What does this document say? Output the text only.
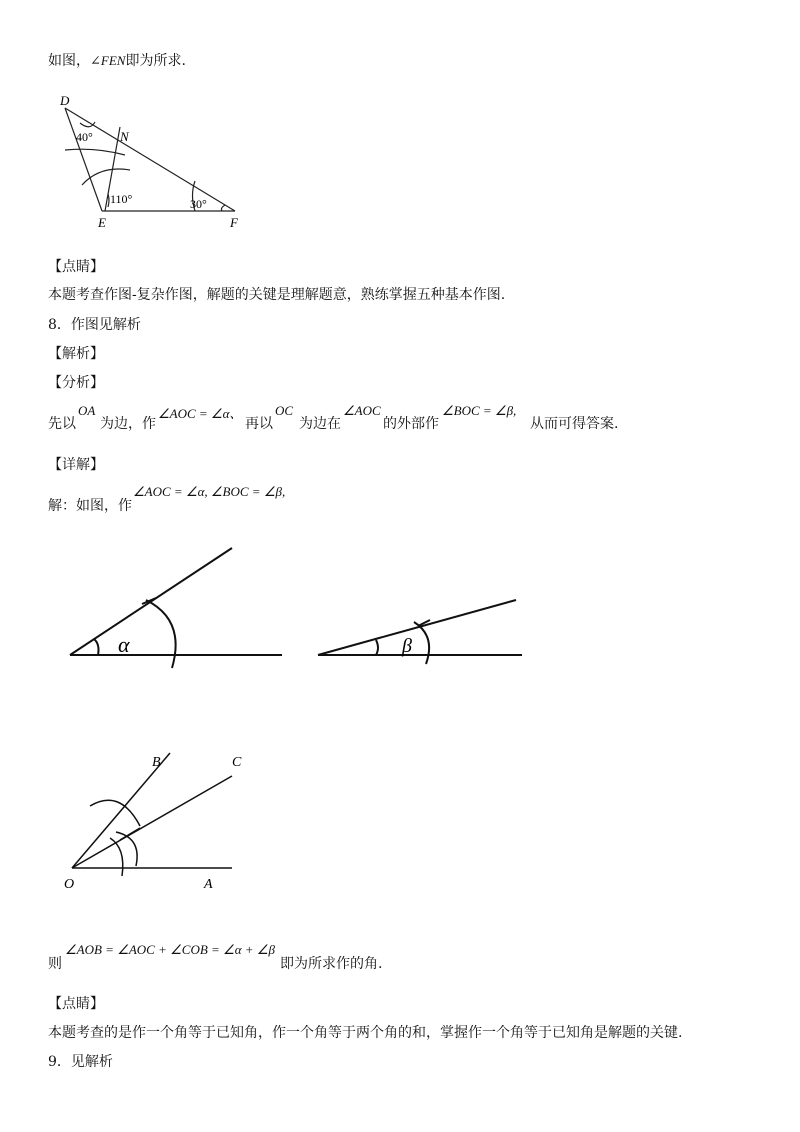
如图，∠FEN即为所求.
D
N
E	F
40°
110°	30°
【点睛】
本题考查作图-复杂作图，解题的关键是理解题意，熟练掌握五种基本作图.
8．作图见解析
【解析】
【分析】
先以
OA
为边，作
∠AOC = ∠α、
再以
OC
为边在
∠AOC
的外部作
∠BOC = ∠β,
从而可得答案.
【详解】
解：如图，作
∠AOC = ∠α, ∠BOC = ∠β,
α	β
B	C
O	A
则
∠AOB = ∠AOC + ∠COB = ∠α + ∠β
即为所求作的角.
【点睛】
本题考查的是作一个角等于已知角，作一个角等于两个角的和，掌握作一个角等于已知角是解题的关键.
9．见解析
